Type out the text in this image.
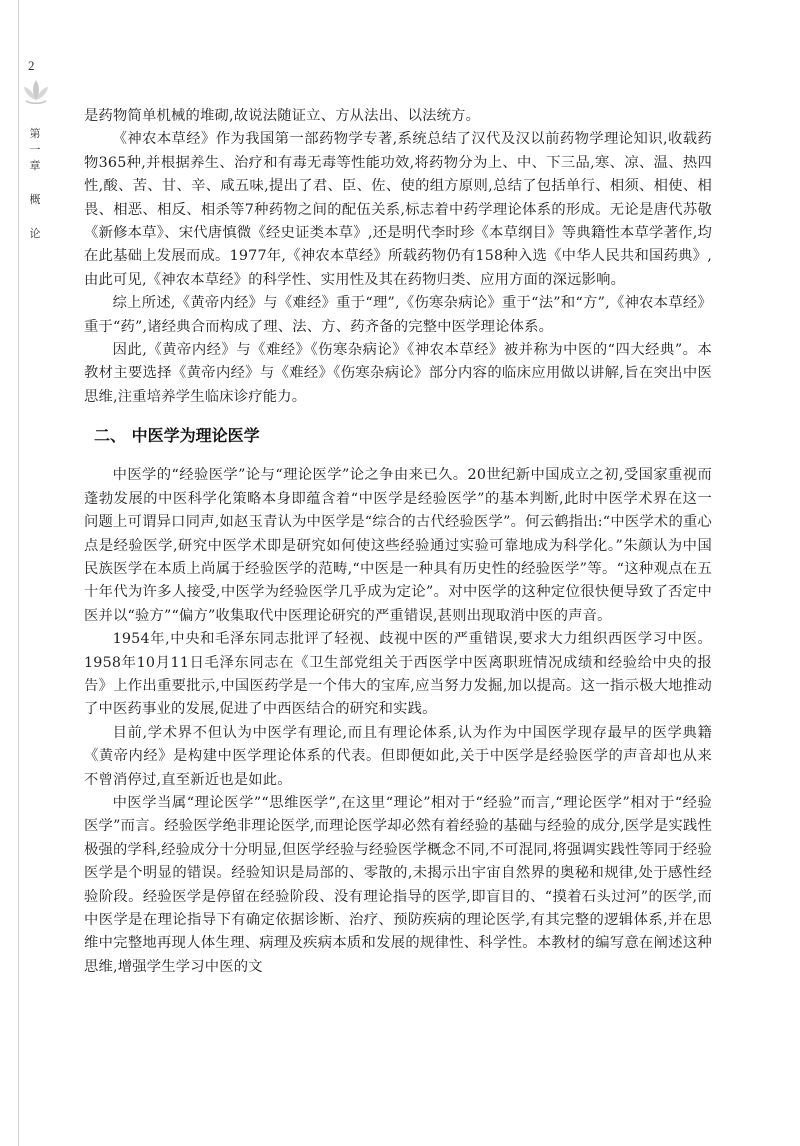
2
第
一
章
概
论

是药物简单机械的堆砌,故说法随证立、方从法出、以法统方。

《神农本草经》作为我国第一部药物学专著,系统总结了汉代及汉以前药物学理论知识,收载药物365种,并根据养生、治疗和有毒无毒等性能功效,将药物分为上、中、下三品,寒、凉、温、热四性,酸、苦、甘、辛、咸五味,提出了君、臣、佐、使的组方原则,总结了包括单行、相须、相使、相畏、相恶、相反、相杀等7种药物之间的配伍关系,标志着中药学理论体系的形成。无论是唐代苏敬《新修本草》、宋代唐慎微《经史证类本草》,还是明代李时珍《本草纲目》等典籍性本草学著作,均在此基础上发展而成。1977年,《神农本草经》所载药物仍有158种入选《中华人民共和国药典》,由此可见,《神农本草经》的科学性、实用性及其在药物归类、应用方面的深远影响。

综上所述,《黄帝内经》与《难经》重于“理”,《伤寒杂病论》重于“法”和“方”,《神农本草经》重于“药”,诸经典合而构成了理、法、方、药齐备的完整中医学理论体系。

因此,《黄帝内经》与《难经》《伤寒杂病论》《神农本草经》被并称为中医的“四大经典”。本教材主要选择《黄帝内经》与《难经》《伤寒杂病论》部分内容的临床应用做以讲解,旨在突出中医思维,注重培养学生临床诊疗能力。

二、 中医学为理论医学

中医学的“经验医学”论与“理论医学”论之争由来已久。20世纪新中国成立之初,受国家重视而蓬勃发展的中医科学化策略本身即蕴含着“中医学是经验医学”的基本判断,此时中医学术界在这一问题上可谓异口同声,如赵玉青认为中医学是“综合的古代经验医学”。何云鹤指出:“中医学术的重心点是经验医学,研究中医学术即是研究如何使这些经验通过实验可靠地成为科学化。”朱颜认为中国民族医学在本质上尚属于经验医学的范畴,“中医是一种具有历史性的经验医学”等。“这种观点在五十年代为许多人接受,中医学为经验医学几乎成为定论”。对中医学的这种定位很快便导致了否定中医并以“验方”“偏方”收集取代中医理论研究的严重错误,甚则出现取消中医的声音。

1954年,中央和毛泽东同志批评了轻视、歧视中医的严重错误,要求大力组织西医学习中医。1958年10月11日毛泽东同志在《卫生部党组关于西医学中医离职班情况成绩和经验给中央的报告》上作出重要批示,中国医药学是一个伟大的宝库,应当努力发掘,加以提高。这一指示极大地推动了中医药事业的发展,促进了中西医结合的研究和实践。

目前,学术界不但认为中医学有理论,而且有理论体系,认为作为中国医学现存最早的医学典籍《黄帝内经》是构建中医学理论体系的代表。但即便如此,关于中医学是经验医学的声音却也从来不曾消停过,直至新近也是如此。

中医学当属“理论医学”“思维医学”,在这里“理论”相对于“经验”而言,“理论医学”相对于“经验医学”而言。经验医学绝非理论医学,而理论医学却必然有着经验的基础与经验的成分,医学是实践性极强的学科,经验成分十分明显,但医学经验与经验医学概念不同,不可混同,将强调实践性等同于经验医学是个明显的错误。经验知识是局部的、零散的,未揭示出宇宙自然界的奥秘和规律,处于感性经验阶段。经验医学是停留在经验阶段、没有理论指导的医学,即盲目的、“摸着石头过河”的医学,而中医学是在理论指导下有确定依据诊断、治疗、预防疾病的理论医学,有其完整的逻辑体系,并在思维中完整地再现人体生理、病理及疾病本质和发展的规律性、科学性。本教材的编写意在阐述这种思维,增强学生学习中医的文
